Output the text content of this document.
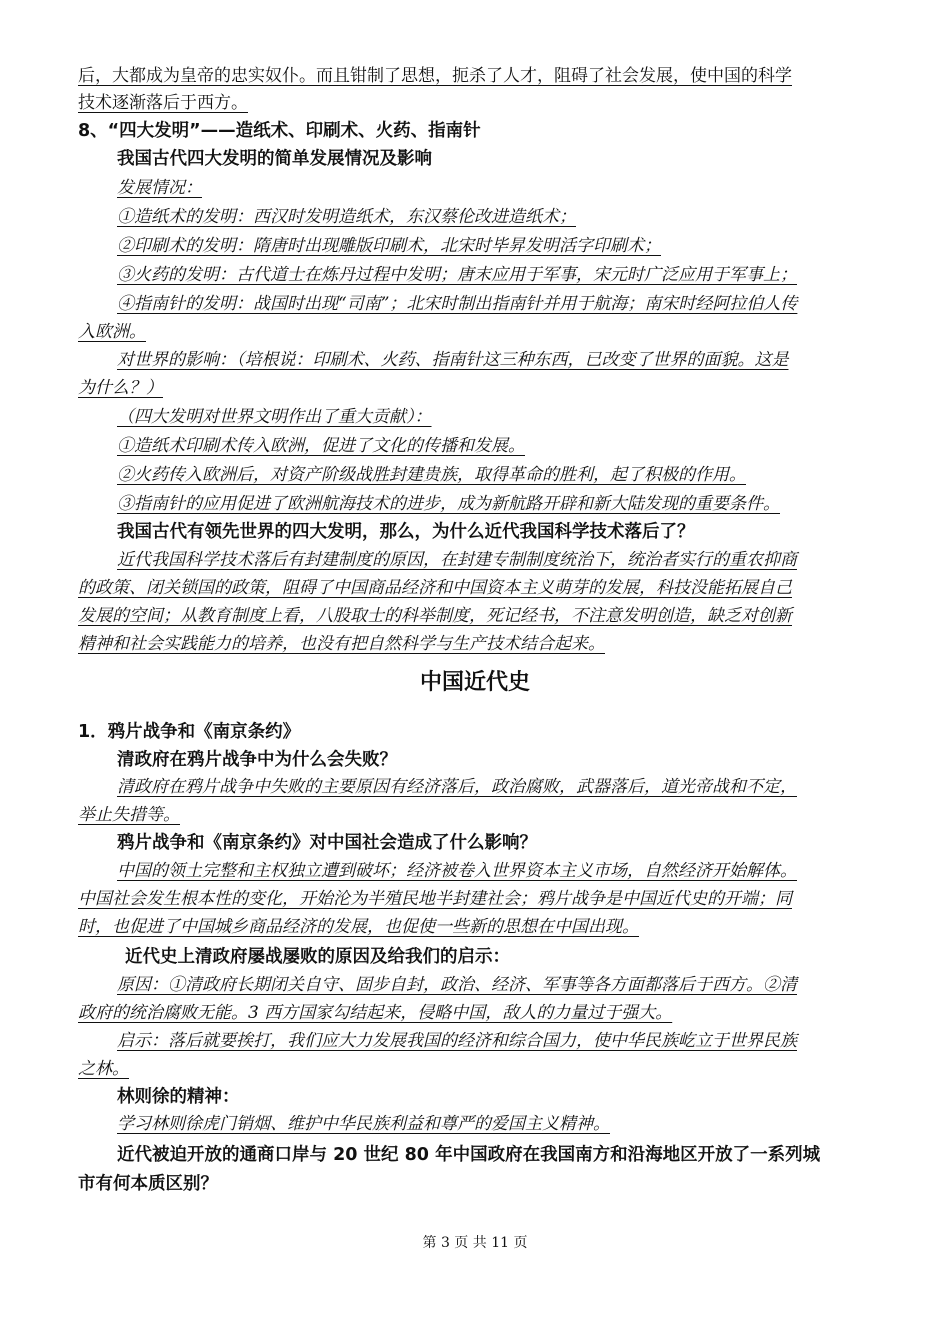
后，大都成为皇帝的忠实奴仆。而且钳制了思想，扼杀了人才，阻碍了社会发展，使中国的科学
技术逐渐落后于西方。
8、“四大发明”——造纸术、印刷术、火药、指南针
我国古代四大发明的简单发展情况及影响
发展情况：
①造纸术的发明：西汉时发明造纸术，东汉蔡伦改进造纸术；
②印刷术的发明：隋唐时出现雕版印刷术，北宋时毕昇发明活字印刷术；
③火药的发明：古代道士在炼丹过程中发明；唐末应用于军事，宋元时广泛应用于军事上；
④指南针的发明：战国时出现“司南”；北宋时制出指南针并用于航海；南宋时经阿拉伯人传
入欧洲。
对世界的影响：（培根说：印刷术、火药、指南针这三种东西，已改变了世界的面貌。这是
为什么？）
（四大发明对世界文明作出了重大贡献）：
①造纸术印刷术传入欧洲，促进了文化的传播和发展。
②火药传入欧洲后，对资产阶级战胜封建贵族，取得革命的胜利，起了积极的作用。
③指南针的应用促进了欧洲航海技术的进步，成为新航路开辟和新大陆发现的重要条件。
我国古代有领先世界的四大发明，那么，为什么近代我国科学技术落后了？
近代我国科学技术落后有封建制度的原因，在封建专制制度统治下，统治者实行的重农抑商
的政策、闭关锁国的政策，阻碍了中国商品经济和中国资本主义萌芽的发展，科技没能拓展自己
发展的空间；从教育制度上看，八股取士的科举制度，死记经书，不注意发明创造，缺乏对创新
精神和社会实践能力的培养，也没有把自然科学与生产技术结合起来。
中国近代史
1．鸦片战争和《南京条约》
清政府在鸦片战争中为什么会失败？
清政府在鸦片战争中失败的主要原因有经济落后，政治腐败，武器落后，道光帝战和不定，
举止失措等。
鸦片战争和《南京条约》对中国社会造成了什么影响？
中国的领土完整和主权独立遭到破坏；经济被卷入世界资本主义市场，自然经济开始解体。
中国社会发生根本性的变化，开始沦为半殖民地半封建社会；鸦片战争是中国近代史的开端；同
时，也促进了中国城乡商品经济的发展，也促使一些新的思想在中国出现。
近代史上清政府屡战屡败的原因及给我们的启示：
原因：①清政府长期闭关自守、固步自封，政治、经济、军事等各方面都落后于西方。②清
政府的统治腐败无能。3 西方国家勾结起来，侵略中国，敌人的力量过于强大。
启示：落后就要挨打，我们应大力发展我国的经济和综合国力，使中华民族屹立于世界民族
之林。
林则徐的精神：
学习林则徐虎门销烟、维护中华民族利益和尊严的爱国主义精神。
近代被迫开放的通商口岸与 20 世纪 80 年中国政府在我国南方和沿海地区开放了一系列城
市有何本质区别？
第 3 页 共 11 页
